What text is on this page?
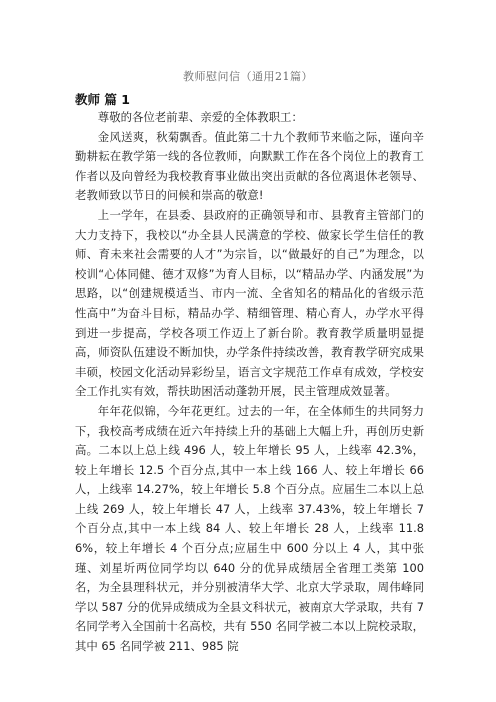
教师慰问信（通用21篇）
教师 篇 1

尊敬的各位老前辈、亲爱的全体教职工：

金风送爽，秋菊飘香。值此第二十九个教师节来临之际，谨向辛勤耕耘在教学第一线的各位教师，向默默工作在各个岗位上的教育工作者以及向曾经为我校教育事业做出突出贡献的各位离退休老领导、老教师致以节日的问候和崇高的敬意!

上一学年，在县委、县政府的正确领导和市、县教育主管部门的大力支持下，我校以“办全县人民满意的学校、做家长学生信任的教师、育未来社会需要的人才”为宗旨，以“做最好的自己”为理念，以校训“心体同健、德才双修”为育人目标，以“精品办学、内涵发展”为思路，以“创建规模适当、市内一流、全省知名的精品化的省级示范性高中”为奋斗目标，精品办学、精细管理、精心育人，办学水平得到进一步提高，学校各项工作迈上了新台阶。教育教学质量明显提高，师资队伍建设不断加快，办学条件持续改善，教育教学研究成果丰硕，校园文化活动异彩纷呈，语言文字规范工作卓有成效，学校安全工作扎实有效，帮扶助困活动蓬勃开展，民主管理成效显著。

年年花似锦，今年花更红。过去的一年，在全体师生的共同努力下，我校高考成绩在近六年持续上升的基础上大幅上升，再创历史新高。二本以上总上线 496 人，较上年增长 95 人，上线率 42.3%，较上年增长 12.5 个百分点,其中一本上线 166 人、较上年增长 66 人，上线率 14.27%，较上年增长 5.8 个百分点。应届生二本以上总上线 269 人，较上年增长 47 人，上线率 37.43%，较上年增长 7 个百分点,其中一本上线 84 人、较上年增长 28 人，上线率 11.86%，较上年增长 4 个百分点;应届生中 600 分以上 4 人，其中张瑾、刘星圻两位同学均以 640 分的优异成绩居全省理工类第 100 名，为全县理科状元，并分别被清华大学、北京大学录取，周伟峰同学以 587 分的优异成绩成为全县文科状元，被南京大学录取，共有 7 名同学考入全国前十名高校，共有 550 名同学被二本以上院校录取，其中 65 名同学被 211、985 院
